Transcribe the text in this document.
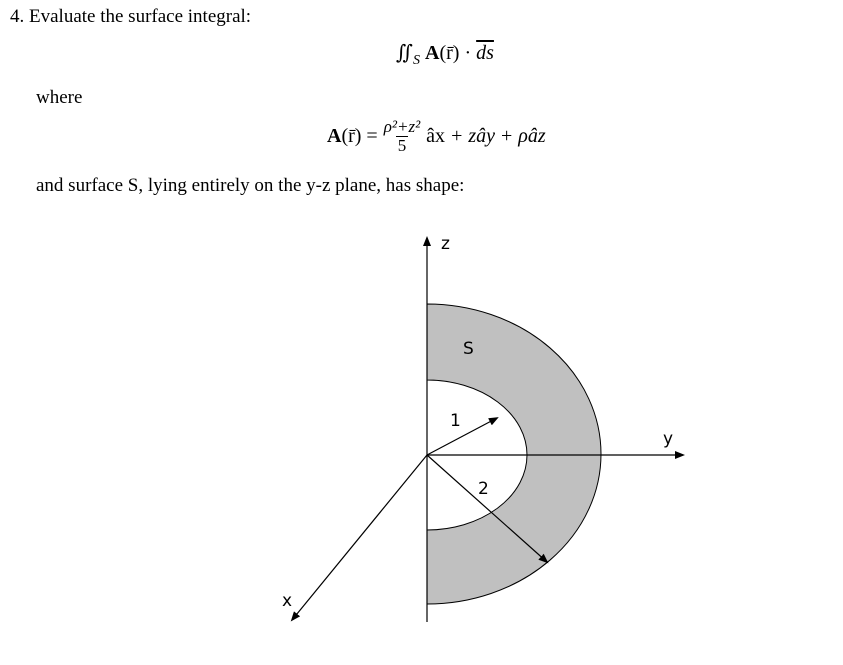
4. Evaluate the surface integral:
$∬_S$ A(r̄) · $\overline{ds}$
where
A (r̄) = $\frac{\text{ρ²+z²}}{5}$ âx + zây + ρâz
and surface S, lying entirely on the y-z plane, has shape:
z
y
x
S
1
2
